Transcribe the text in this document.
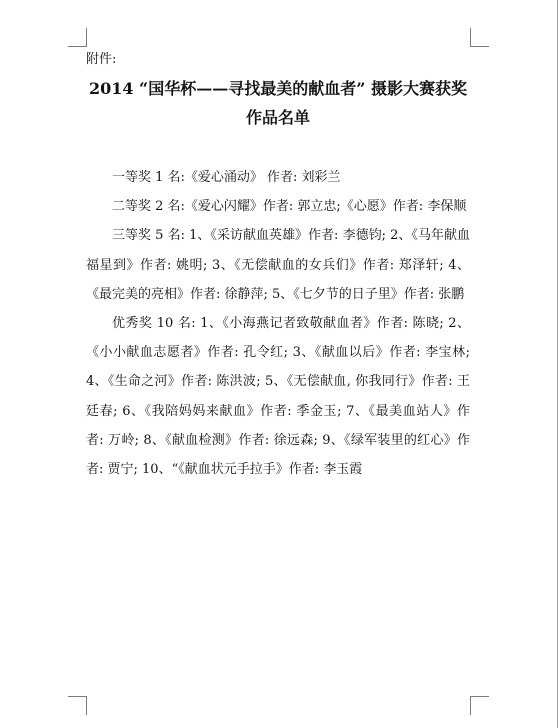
附件:
2014 “国华杯——寻找最美的献血者” 摄影大赛获奖
作品名单

一等奖 1 名:《爱心涌动》 作者: 刘彩兰

二等奖 2 名:《爱心闪耀》作者: 郭立忠;《心愿》作者: 李保顺

三等奖 5 名: 1、《采访献血英雄》作者: 李德钧; 2、《马年献血福星到》作者: 姚明; 3、《无偿献血的女兵们》作者: 郑泽轩; 4、《最完美的亮相》作者: 徐静萍; 5、《七夕节的日子里》作者: 张鹏

优秀奖 10 名: 1、《小海燕记者致敬献血者》作者: 陈晓; 2、《小小献血志愿者》作者: 孔令红; 3、《献血以后》作者: 李宝林; 4、《生命之河》作者: 陈洪波; 5、《无偿献血, 你我同行》作者: 王廷春; 6、《我陪妈妈来献血》作者: 季金玉; 7、《最美血站人》作者: 万岭; 8、《献血检测》作者: 徐远森; 9、《绿军装里的红心》作者: 贾宁; 10、“《献血状元手拉手》作者: 李玉霞
